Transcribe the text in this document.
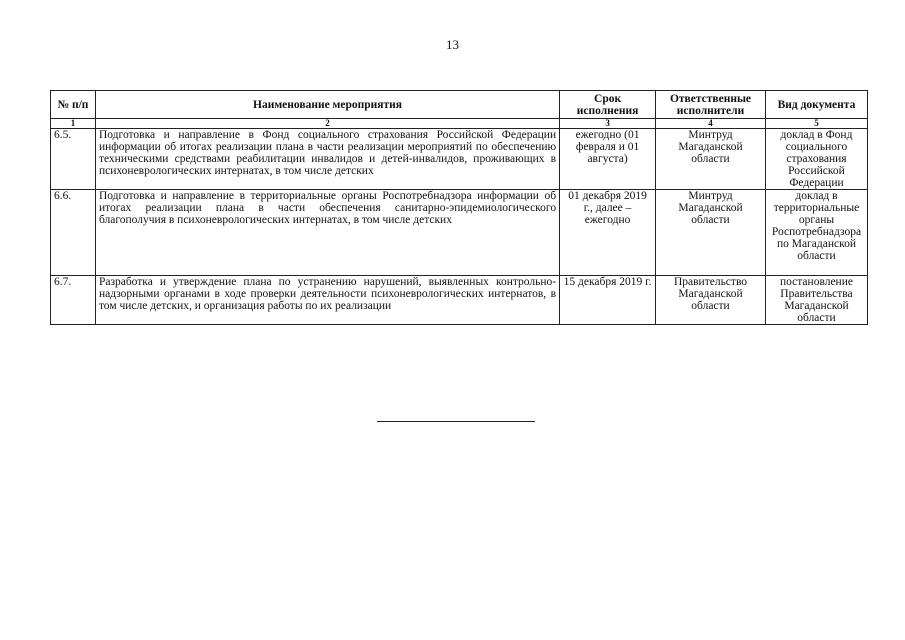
13
№ п/п	Наименование мероприятия	Срок исполнения	Ответственные исполнители	Вид документа
1	2	3	4	5
6.5.	Подготовка и направление в Фонд социального страхования Российской Федерации информации об итогах реализации плана в части реализации мероприятий по обеспечению техническими средствами реабилитации инвалидов и детей-инвалидов, проживающих в психоневрологических интернатах, в том числе детских	ежегодно (01 февраля и 01 августа)	Минтруд Магаданской области	доклад в Фонд социального страхования Российской Федерации
6.6.	Подготовка и направление в территориальные органы Роспотребнадзора информации об итогах реализации плана в части обеспечения санитарно-эпидемиологического благополучия в психоневрологических интернатах, в том числе детских	01 декабря 2019 г., далее – ежегодно	Минтруд Магаданской области	доклад в территориальные органы Роспотребнадзора по Магаданской области
6.7.	Разработка и утверждение плана по устранению нарушений, выявленных контрольно-надзорными органами в ходе проверки деятельности психоневрологических интернатов, в том числе детских, и организация работы по их реализации	15 декабря 2019 г.	Правительство Магаданской области	постановление Правительства Магаданской области
